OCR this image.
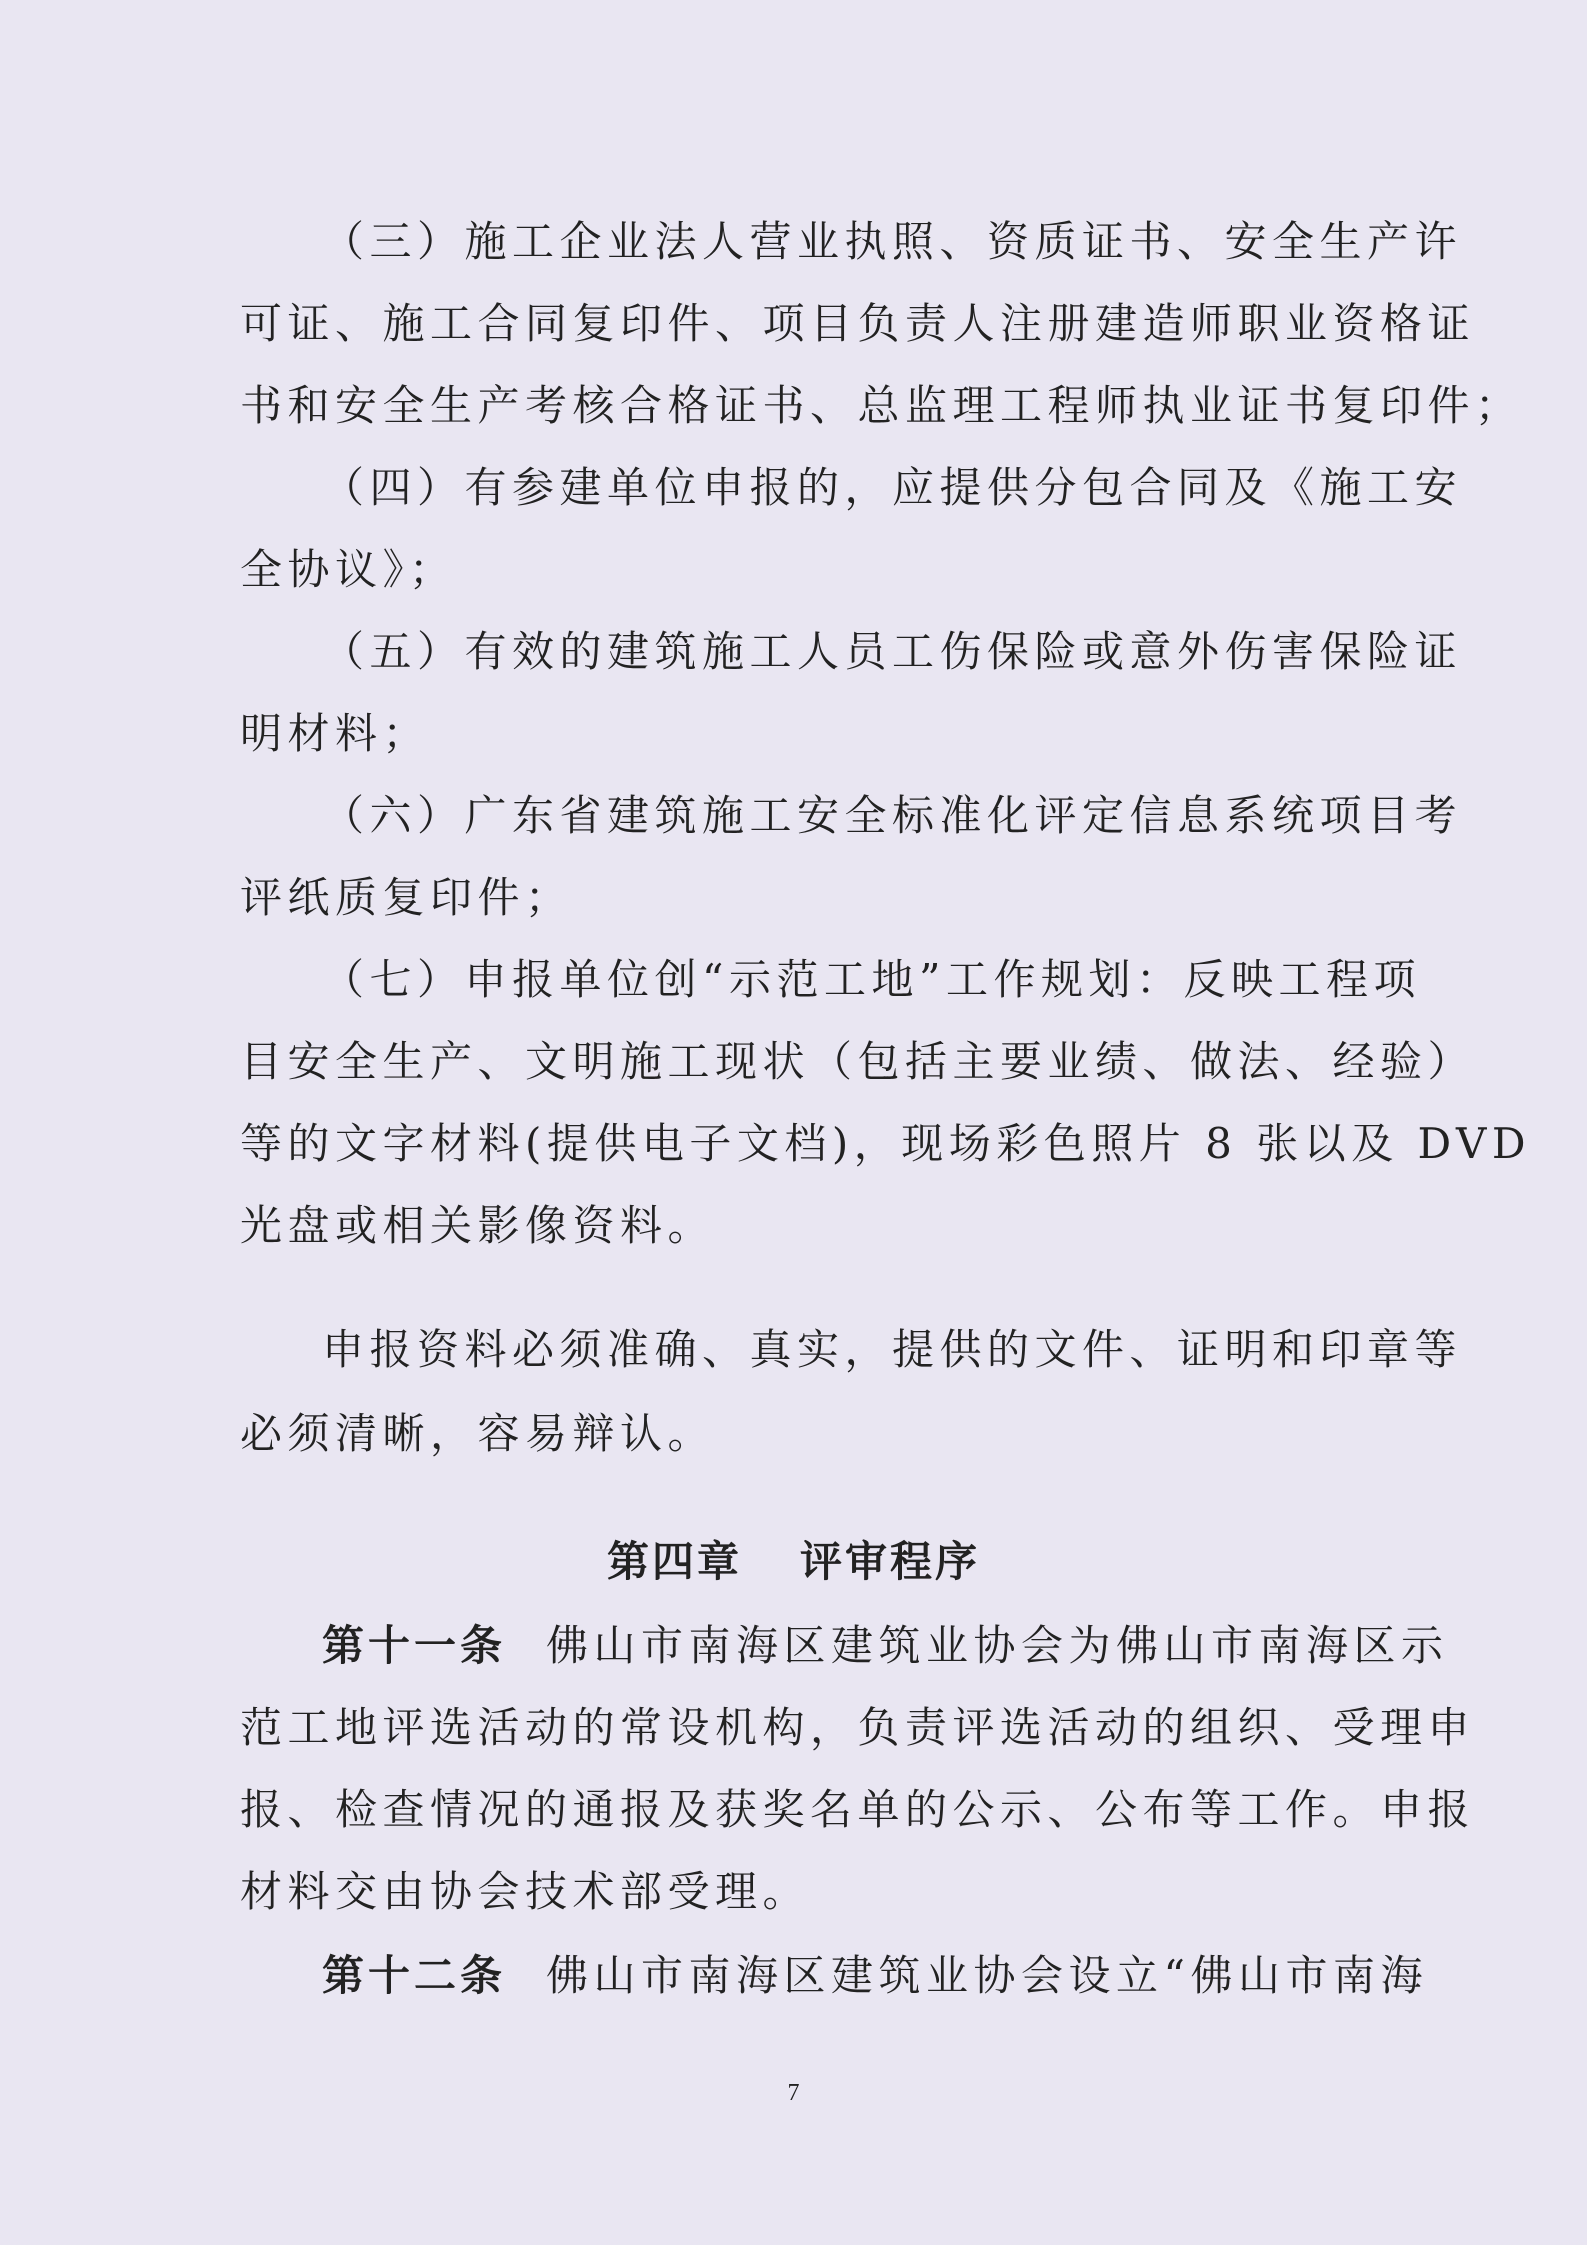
（三）施工企业法人营业执照、资质证书、安全生产许
可证、施工合同复印件、项目负责人注册建造师职业资格证
书和安全生产考核合格证书、总监理工程师执业证书复印件；
（四）有参建单位申报的，应提供分包合同及《施工安
全协议》；
（五）有效的建筑施工人员工伤保险或意外伤害保险证
明材料；
（六）广东省建筑施工安全标准化评定信息系统项目考
评纸质复印件；
（七）申报单位创“示范工地”工作规划：反映工程项
目安全生产、文明施工现状（包括主要业绩、做法、经验）
等的文字材料(提供电子文档)，现场彩色照片 8 张以及 DVD
光盘或相关影像资料。
申报资料必须准确、真实，提供的文件、证明和印章等
必须清晰，容易辩认。
第四章 评审程序
第十一条 佛山市南海区建筑业协会为佛山市南海区示
范工地评选活动的常设机构，负责评选活动的组织、受理申
报、检查情况的通报及获奖名单的公示、公布等工作。申报
材料交由协会技术部受理。
第十二条 佛山市南海区建筑业协会设立“佛山市南海
7
